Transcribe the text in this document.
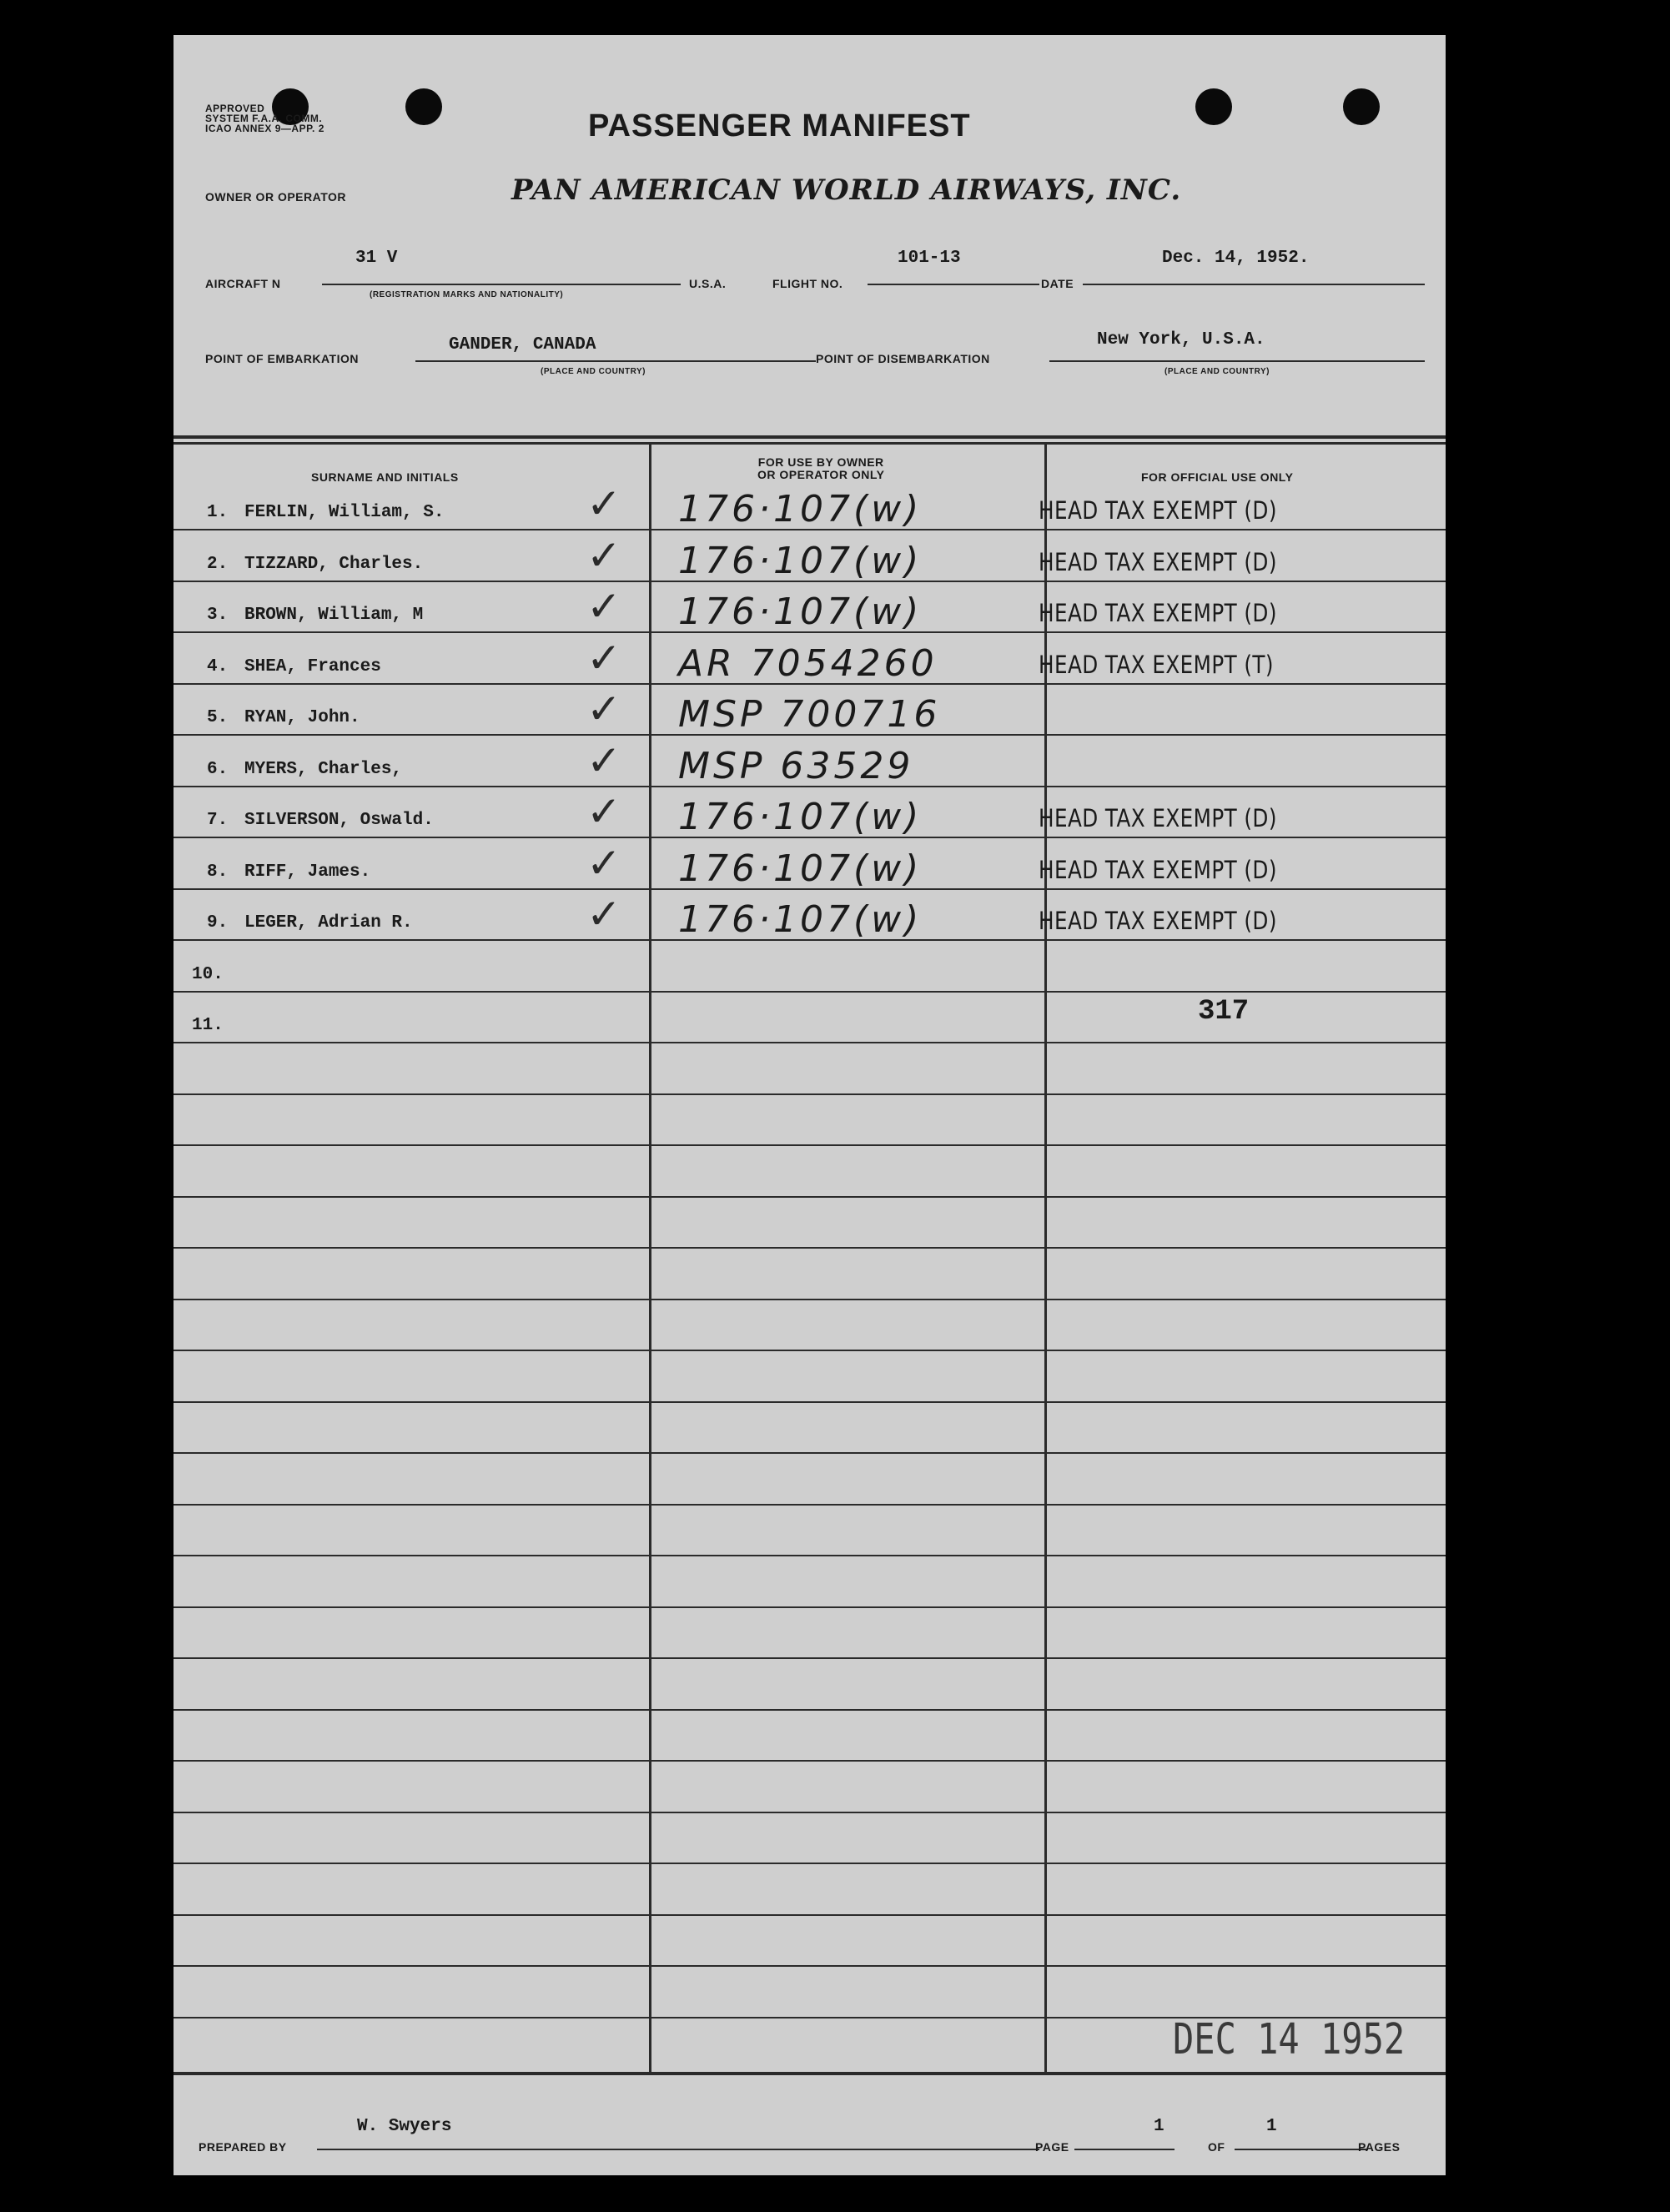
APPROVED
SYSTEM F.A.A. COMM.
ICAO ANNEX 9—APP. 2	PASSENGER MANIFEST
OWNER OR OPERATOR	PAN AMERICAN WORLD AIRWAYS, INC.
AIRCRAFT N
31 V
(REGISTRATION MARKS AND NATIONALITY)
U.S.A.	FLIGHT NO.
101-13
DATE
Dec. 14, 1952.
POINT OF EMBARKATION
GANDER, CANADA
(PLACE AND COUNTRY)
POINT OF DISEMBARKATION
New York, U.S.A.
(PLACE AND COUNTRY)
SURNAME AND INITIALS
FOR USE BY OWNER
OR OPERATOR ONLY	FOR OFFICIAL USE ONLY
1. FERLIN, William, S.	✓ 176·107(w)	HEAD TAX EXEMPT (D)
2. TIZZARD, Charles.	✓ 176·107(w)	HEAD TAX EXEMPT (D)
3. BROWN, William, M	✓ 176·107(w)	HEAD TAX EXEMPT (D)
4. SHEA, Frances	✓ AR 7054260	HEAD TAX EXEMPT (T)
5. RYAN, John.	✓ MSP 700716
6. MYERS, Charles,	✓ MSP 63529
7. SILVERSON, Oswald.	✓ 176·107(w)	HEAD TAX EXEMPT (D)
8. RIFF, James.	✓ 176·107(w)	HEAD TAX EXEMPT (D)
9. LEGER, Adrian R.	✓ 176·107(w)	HEAD TAX EXEMPT (D)
10.
11.	317
DEC 14 1952
PREPARED BY
W. Swyers
PAGE
1
OF
1
PAGES
